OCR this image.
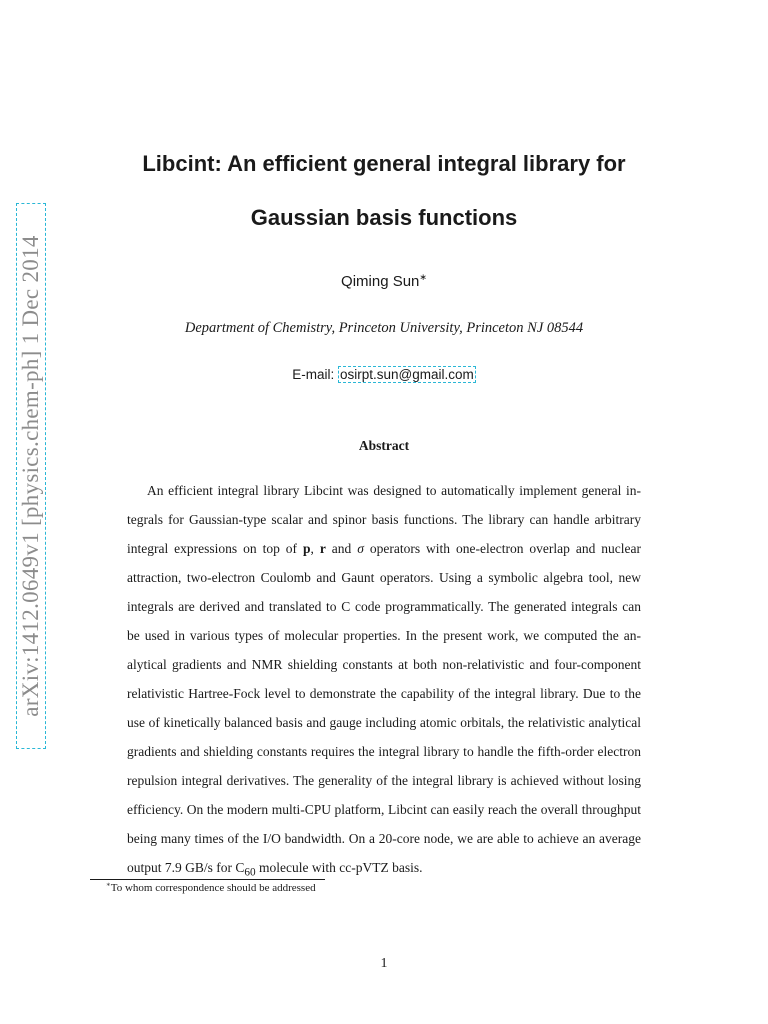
arXiv:1412.0649v1 [physics.chem-ph] 1 Dec 2014
Libcint: An efficient general integral library for
Gaussian basis functions
Qiming Sun∗
Department of Chemistry, Princeton University, Princeton NJ 08544
E-mail: osirpt.sun@gmail.com
Abstract
An efficient integral library Libcint was designed to automatically implement general in-
tegrals for Gaussian-type scalar and spinor basis functions. The library can handle arbitrary
integral expressions on top of p, r and σ operators with one-electron overlap and nuclear
attraction, two-electron Coulomb and Gaunt operators. Using a symbolic algebra tool, new
integrals are derived and translated to C code programmatically. The generated integrals can
be used in various types of molecular properties. In the present work, we computed the an-
alytical gradients and NMR shielding constants at both non-relativistic and four-component
relativistic Hartree-Fock level to demonstrate the capability of the integral library. Due to the
use of kinetically balanced basis and gauge including atomic orbitals, the relativistic analytical
gradients and shielding constants requires the integral library to handle the fifth-order electron
repulsion integral derivatives. The generality of the integral library is achieved without losing
efficiency. On the modern multi-CPU platform, Libcint can easily reach the overall throughput
being many times of the I/O bandwidth. On a 20-core node, we are able to achieve an average
output 7.9 GB/s for $C_{60}$ molecule with cc-pVTZ basis.
∗To whom correspondence should be addressed
1
